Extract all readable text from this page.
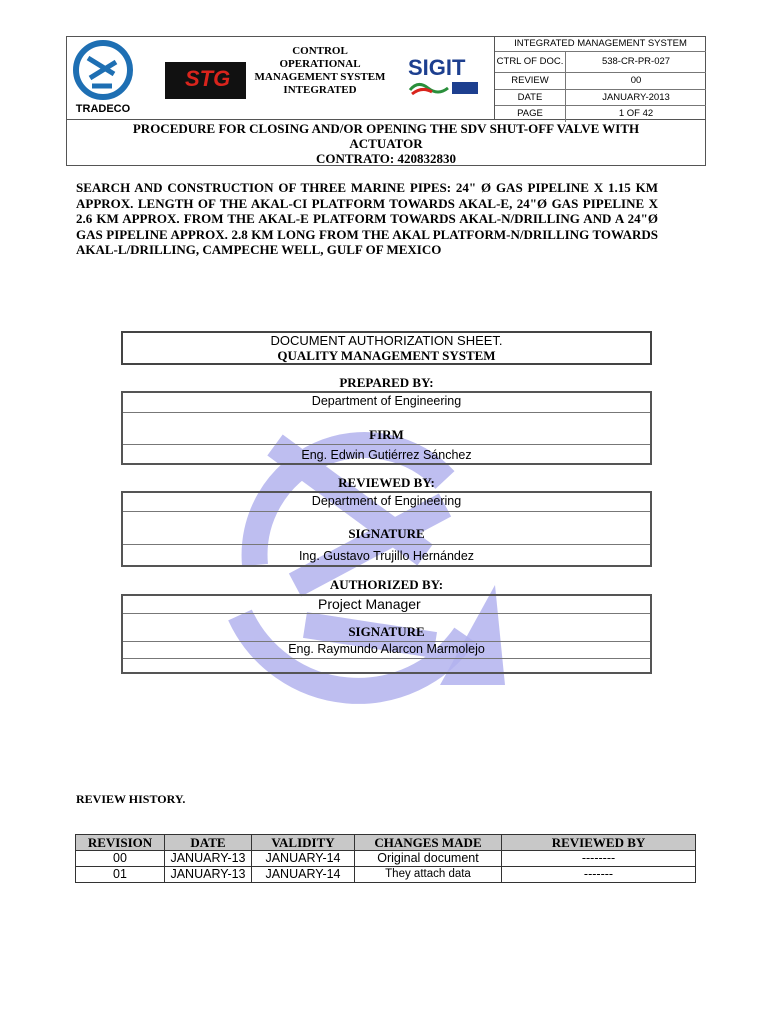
TRADECO
STG
CONTROL
OPERATIONAL
MANAGEMENT SYSTEM
INTEGRATED
SIGIT
INTEGRATED MANAGEMENT SYSTEM
CTRL OF DOC.	538-CR-PR-027
REVIEW	00
DATE	JANUARY-2013
PAGE	1 OF 42
PROCEDURE FOR CLOSING AND/OR OPENING THE SDV SHUT-OFF VALVE WITH
ACTUATOR
CONTRATO: 420832830
SEARCH AND CONSTRUCTION OF THREE MARINE PIPES: 24" Ø GAS PIPELINE X 1.15 KM APPROX. LENGTH OF THE AKAL-CI PLATFORM TOWARDS AKAL-E, 24"Ø GAS PIPELINE X 2.6 KM APPROX. FROM THE AKAL-E PLATFORM TOWARDS AKAL-N/DRILLING AND A 24"Ø GAS PIPELINE APPROX. 2.8 KM LONG FROM THE AKAL PLATFORM-N/DRILLING TOWARDS AKAL-L/DRILLING, CAMPECHE WELL, GULF OF MEXICO
DOCUMENT AUTHORIZATION SHEET.
QUALITY MANAGEMENT SYSTEM
PREPARED BY:
Department of Engineering
FIRM
Eng. Edwin Gutiérrez Sánchez
REVIEWED BY:
Department of Engineering
SIGNATURE
Ing. Gustavo Trujillo Hernández
AUTHORIZED BY:
Project Manager
SIGNATURE
Eng. Raymundo Alarcon Marmolejo
REVIEW HISTORY.
REVISION	DATE	VALIDITY	CHANGES MADE	REVIEWED BY
00	JANUARY-13	JANUARY-14	Original document	--------
01	JANUARY-13	JANUARY-14	They attach data	-------
